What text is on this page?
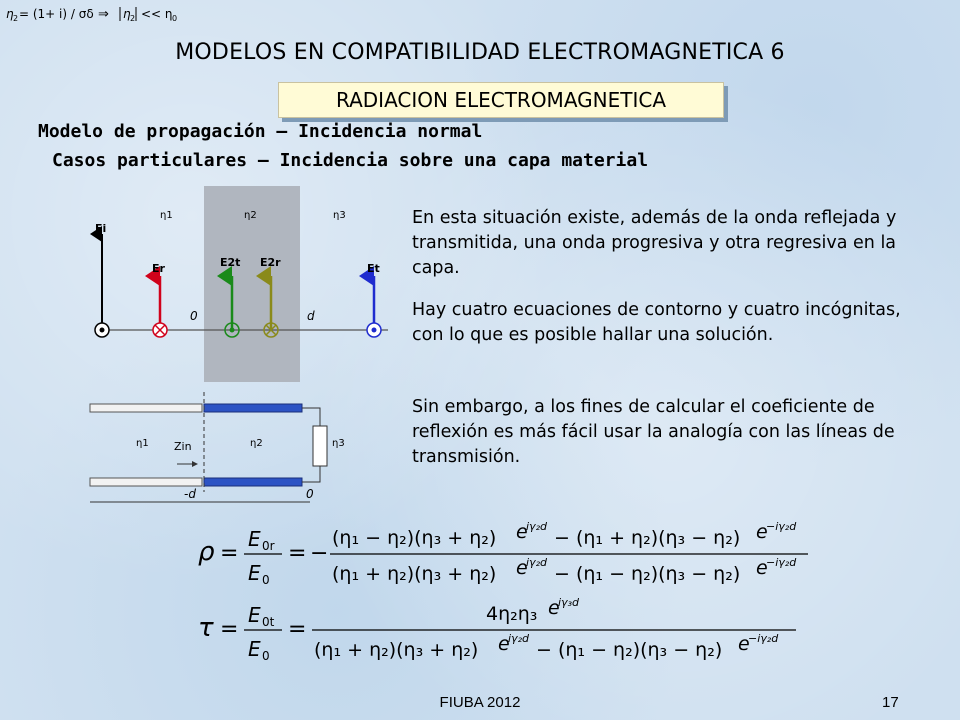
η 2 = (1+ i) / σδ ⇒ η 2 << η 0
MODELOS EN COMPATIBILIDAD ELECTROMAGNETICA 6
RADIACION ELECTROMAGNETICA
Modelo de propagación – Incidencia normal
Casos particulares – Incidencia sobre una capa material
η1	η2	η3
Ei
Er	E2t E2r	Et
0	d
η1	η2	η3
Zin
-d	0
En esta situación existe, además de la onda reflejada y transmitida, una onda progresiva y otra regresiva en la capa.
Hay cuatro ecuaciones de contorno y cuatro incógnitas, con lo que es posible hallar una solución.
Sin embargo, a los fines de calcular el coeficiente de reflexión es más fácil usar la analogía con las líneas de transmisión.
ρ =
E 0r
E 0
= −
(η₁ − η₂)(η₃ + η₂) e
iγ₂d
− (η₁ + η₂)(η₃ − η₂) e
−iγ₂d
(η₁ + η₂)(η₃ + η₂) e
iγ₂d
− (η₁ − η₂)(η₃ − η₂) e
−iγ₂d
τ =
E 0t
E 0
=
4η₂η₃ e
iγ₃d
(η₁ + η₂)(η₃ + η₂) e
iγ₂d
− (η₁ − η₂)(η₃ − η₂) e
−iγ₂d
FIUBA 2012	17
